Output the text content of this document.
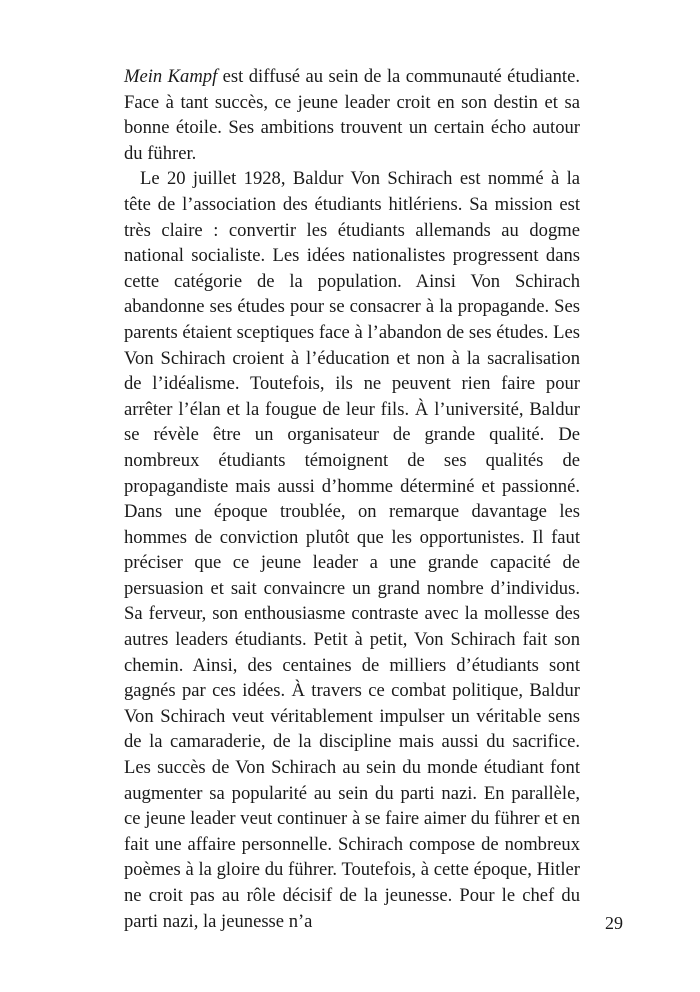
Mein Kampf est diffusé au sein de la communauté étudiante. Face à tant succès, ce jeune leader croit en son destin et sa bonne étoile. Ses ambitions trouvent un certain écho autour du führer.

Le 20 juillet 1928, Baldur Von Schirach est nommé à la tête de l’association des étudiants hitlériens. Sa mission est très claire : convertir les étudiants allemands au dogme national socialiste. Les idées nationalistes progressent dans cette catégorie de la population. Ainsi Von Schirach abandonne ses études pour se consacrer à la propagande. Ses parents étaient sceptiques face à l’abandon de ses études. Les Von Schirach croient à l’éducation et non à la sacralisation de l’idéalisme. Toutefois, ils ne peuvent rien faire pour arrêter l’élan et la fougue de leur fils. À l’université, Baldur se révèle être un organisateur de grande qualité. De nombreux étudiants témoignent de ses qualités de propagandiste mais aussi d’homme déterminé et passionné. Dans une époque troublée, on remarque davantage les hommes de conviction plutôt que les opportunistes. Il faut préciser que ce jeune leader a une grande capacité de persuasion et sait convaincre un grand nombre d’individus. Sa ferveur, son enthousiasme contraste avec la mollesse des autres leaders étudiants. Petit à petit, Von Schirach fait son chemin. Ainsi, des centaines de milliers d’étudiants sont gagnés par ces idées. À travers ce combat politique, Baldur Von Schirach veut véritablement impulser un véritable sens de la camaraderie, de la discipline mais aussi du sacrifice. Les succès de Von Schirach au sein du monde étudiant font augmenter sa popularité au sein du parti nazi. En parallèle, ce jeune leader veut continuer à se faire aimer du führer et en fait une affaire personnelle. Schirach compose de nombreux poèmes à la gloire du führer. Toutefois, à cette époque, Hitler ne croit pas au rôle décisif de la jeunesse. Pour le chef du parti nazi, la jeunesse n’a	29
